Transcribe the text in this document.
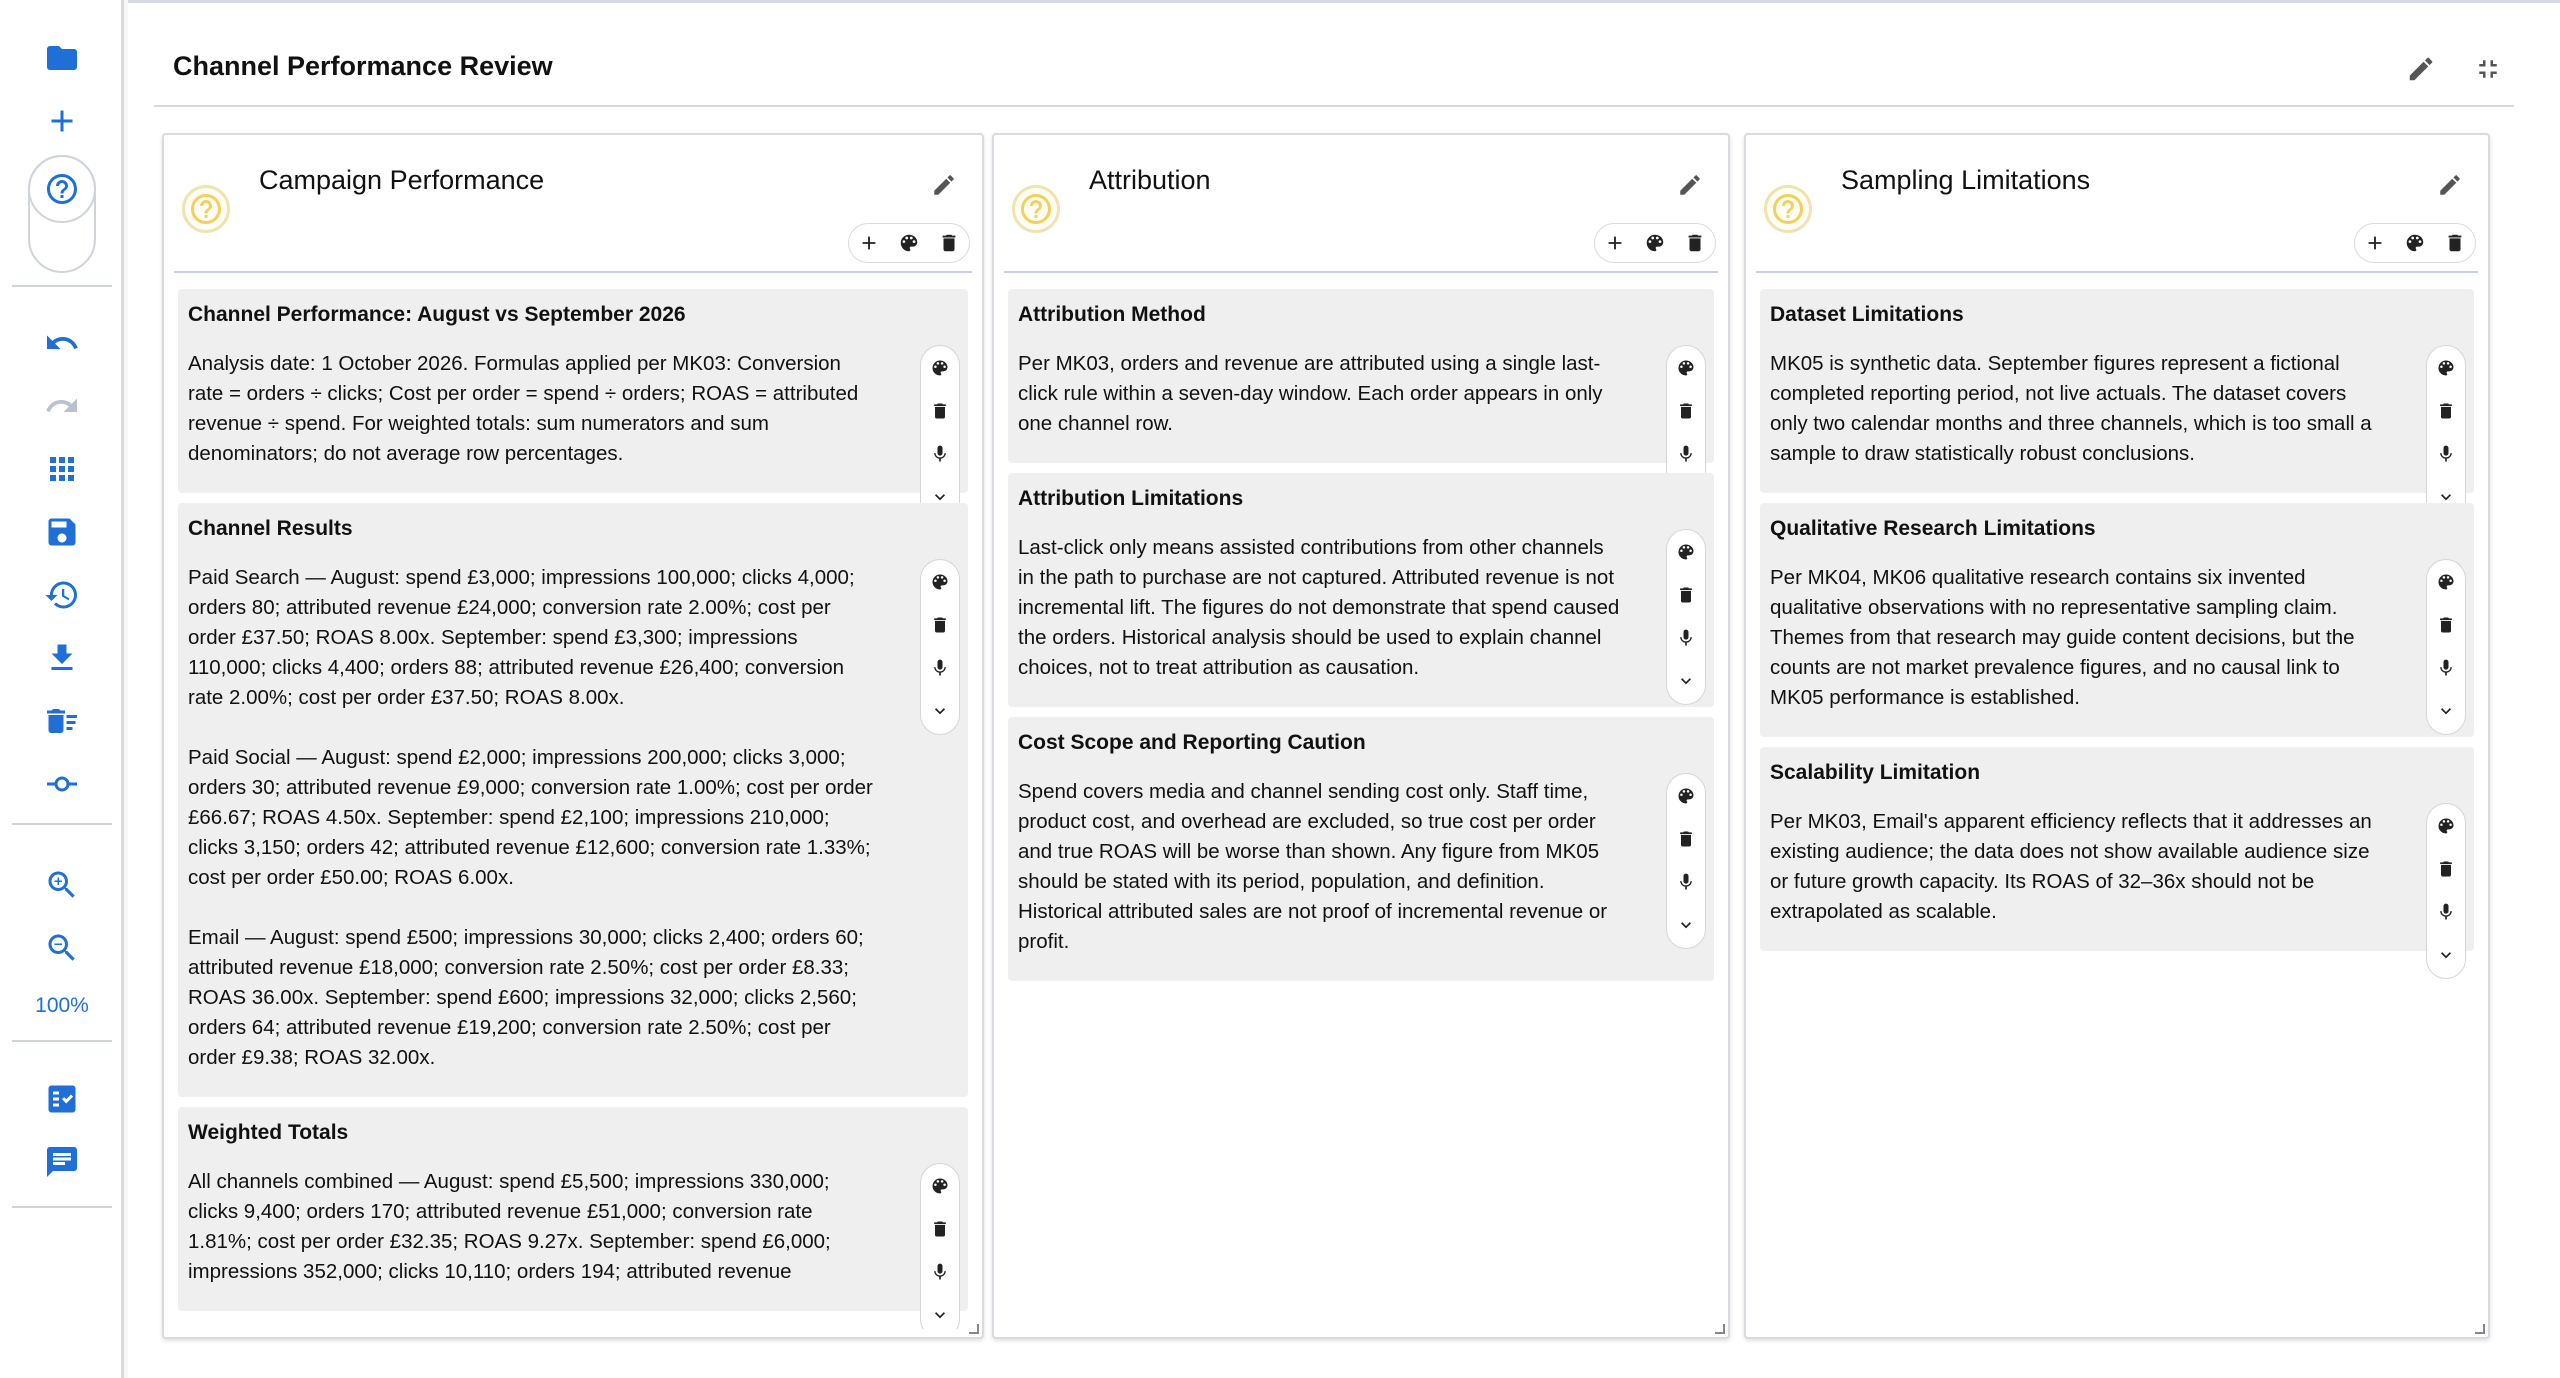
100%
Channel Performance Review
Campaign Performance
Channel Performance: August vs September 2026

Analysis date: 1 October 2026. Formulas applied per MK03: Conversion rate = orders ÷ clicks; Cost per order = spend ÷ orders; ROAS = attributed revenue ÷ spend. For weighted totals: sum numerators and sum denominators; do not average row percentages.

Channel Results

Paid Search — August: spend £3,000; impressions 100,000; clicks 4,000; orders 80; attributed revenue £24,000; conversion rate 2.00%; cost per order £37.50; ROAS 8.00x. September: spend £3,300; impressions 110,000; clicks 4,400; orders 88; attributed revenue £26,400; conversion rate 2.00%; cost per order £37.50; ROAS 8.00x.

Paid Social — August: spend £2,000; impressions 200,000; clicks 3,000; orders 30; attributed revenue £9,000; conversion rate 1.00%; cost per order £66.67; ROAS 4.50x. September: spend £2,100; impressions 210,000; clicks 3,150; orders 42; attributed revenue £12,600; conversion rate 1.33%; cost per order £50.00; ROAS 6.00x.

Email — August: spend £500; impressions 30,000; clicks 2,400; orders 60; attributed revenue £18,000; conversion rate 2.50%; cost per order £8.33; ROAS 36.00x. September: spend £600; impressions 32,000; clicks 2,560; orders 64; attributed revenue £19,200; conversion rate 2.50%; cost per order £9.38; ROAS 32.00x.

Weighted Totals

All channels combined — August: spend £5,500; impressions 330,000; clicks 9,400; orders 170; attributed revenue £51,000; conversion rate 1.81%; cost per order £32.35; ROAS 9.27x. September: spend £6,000; impressions 352,000; clicks 10,110; orders 194; attributed revenue

Attribution
Attribution Method

Per MK03, orders and revenue are attributed using a single last-click rule within a seven-day window. Each order appears in only one channel row.

Attribution Limitations

Last-click only means assisted contributions from other channels in the path to purchase are not captured. Attributed revenue is not incremental lift. The figures do not demonstrate that spend caused the orders. Historical analysis should be used to explain channel choices, not to treat attribution as causation.

Cost Scope and Reporting Caution

Spend covers media and channel sending cost only. Staff time, product cost, and overhead are excluded, so true cost per order and true ROAS will be worse than shown. Any figure from MK05 should be stated with its period, population, and definition. Historical attributed sales are not proof of incremental revenue or profit.

Sampling Limitations
Dataset Limitations

MK05 is synthetic data. September figures represent a fictional completed reporting period, not live actuals. The dataset covers only two calendar months and three channels, which is too small a sample to draw statistically robust conclusions.

Qualitative Research Limitations

Per MK04, MK06 qualitative research contains six invented qualitative observations with no representative sampling claim. Themes from that research may guide content decisions, but the counts are not market prevalence figures, and no causal link to MK05 performance is established.

Scalability Limitation

Per MK03, Email's apparent efficiency reflects that it addresses an existing audience; the data does not show available audience size or future growth capacity. Its ROAS of 32–36x should not be extrapolated as scalable.
